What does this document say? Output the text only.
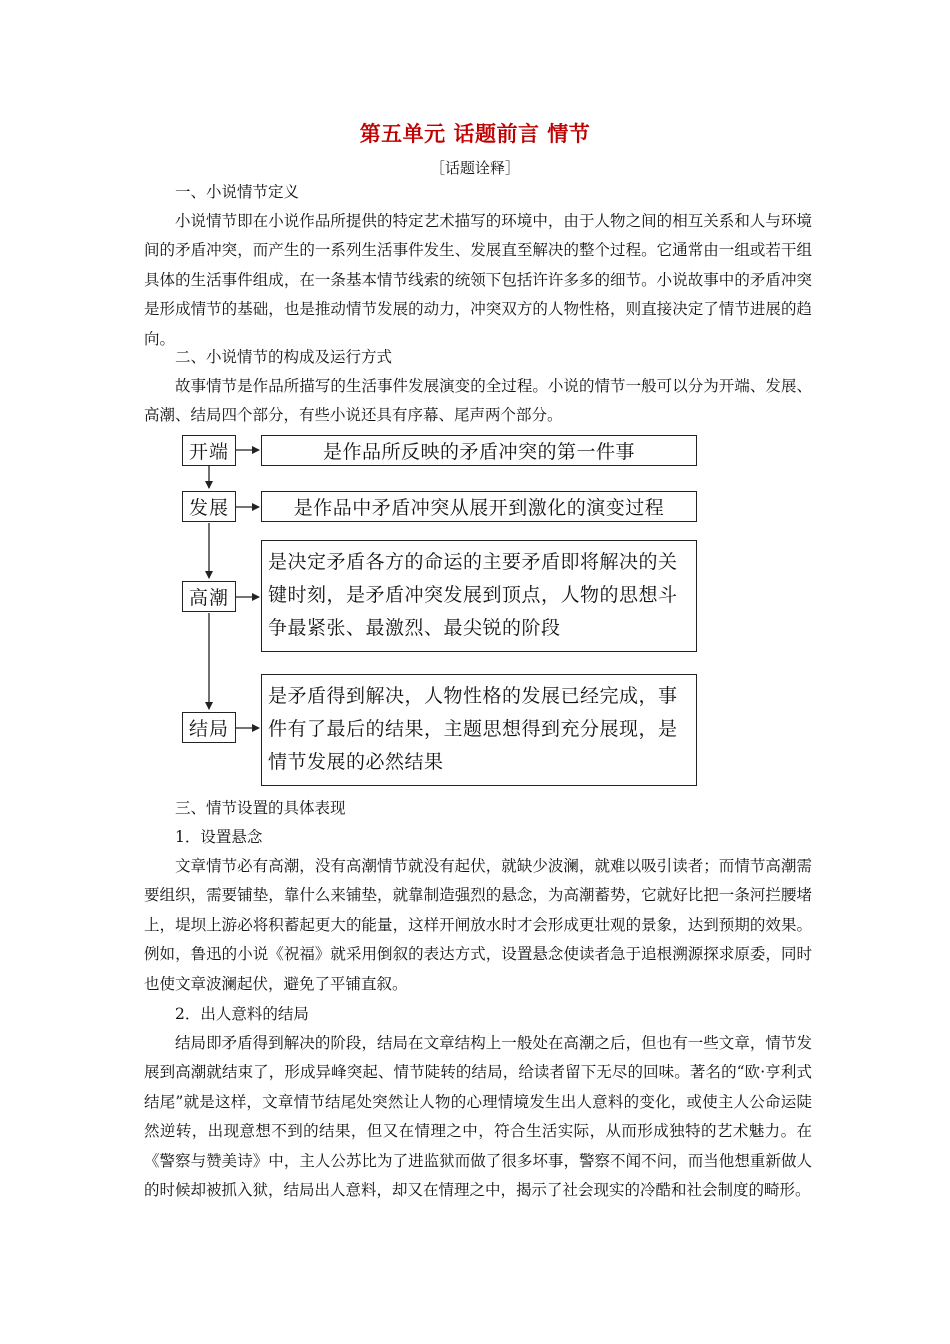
第五单元 话题前言 情节
［话题诠释］
一、小说情节定义
小说情节即在小说作品所提供的特定艺术描写的环境中，由于人物之间的相互关系和人与环境间的矛盾冲突，而产生的一系列生活事件发生、发展直至解决的整个过程。它通常由一组或若干组具体的生活事件组成，在一条基本情节线索的统领下包括许许多多的细节。小说故事中的矛盾冲突是形成情节的基础，也是推动情节发展的动力，冲突双方的人物性格，则直接决定了情节进展的趋向。
二、小说情节的构成及运行方式
故事情节是作品所描写的生活事件发展演变的全过程。小说的情节一般可以分为开端、发展、高潮、结局四个部分，有些小说还具有序幕、尾声两个部分。
开端	是作品所反映的矛盾冲突的第一件事
发展	是作品中矛盾冲突从展开到激化的演变过程
高潮
是决定矛盾各方的命运的主要矛盾即将解决的关键时刻，是矛盾冲突发展到顶点，人物的思想斗争最紧张、最激烈、最尖锐的阶段
结局
是矛盾得到解决，人物性格的发展已经完成，事件有了最后的结果，主题思想得到充分展现，是情节发展的必然结果
三、情节设置的具体表现
1．设置悬念
文章情节必有高潮，没有高潮情节就没有起伏，就缺少波澜，就难以吸引读者；而情节高潮需要组织，需要铺垫，靠什么来铺垫，就靠制造强烈的悬念，为高潮蓄势，它就好比把一条河拦腰堵上，堤坝上游必将积蓄起更大的能量，这样开闸放水时才会形成更壮观的景象，达到预期的效果。例如，鲁迅的小说《祝福》就采用倒叙的表达方式，设置悬念使读者急于追根溯源探求原委，同时也使文章波澜起伏，避免了平铺直叙。
2．出人意料的结局
结局即矛盾得到解决的阶段，结局在文章结构上一般处在高潮之后，但也有一些文章，情节发展到高潮就结束了，形成异峰突起、情节陡转的结局，给读者留下无尽的回味。著名的“欧·亨利式结尾”就是这样，文章情节结尾处突然让人物的心理情境发生出人意料的变化，或使主人公命运陡然逆转，出现意想不到的结果，但又在情理之中，符合生活实际，从而形成独特的艺术魅力。在《警察与赞美诗》中，主人公苏比为了进监狱而做了很多坏事，警察不闻不问，而当他想重新做人的时候却被抓入狱，结局出人意料，却又在情理之中，揭示了社会现实的冷酷和社会制度的畸形。
